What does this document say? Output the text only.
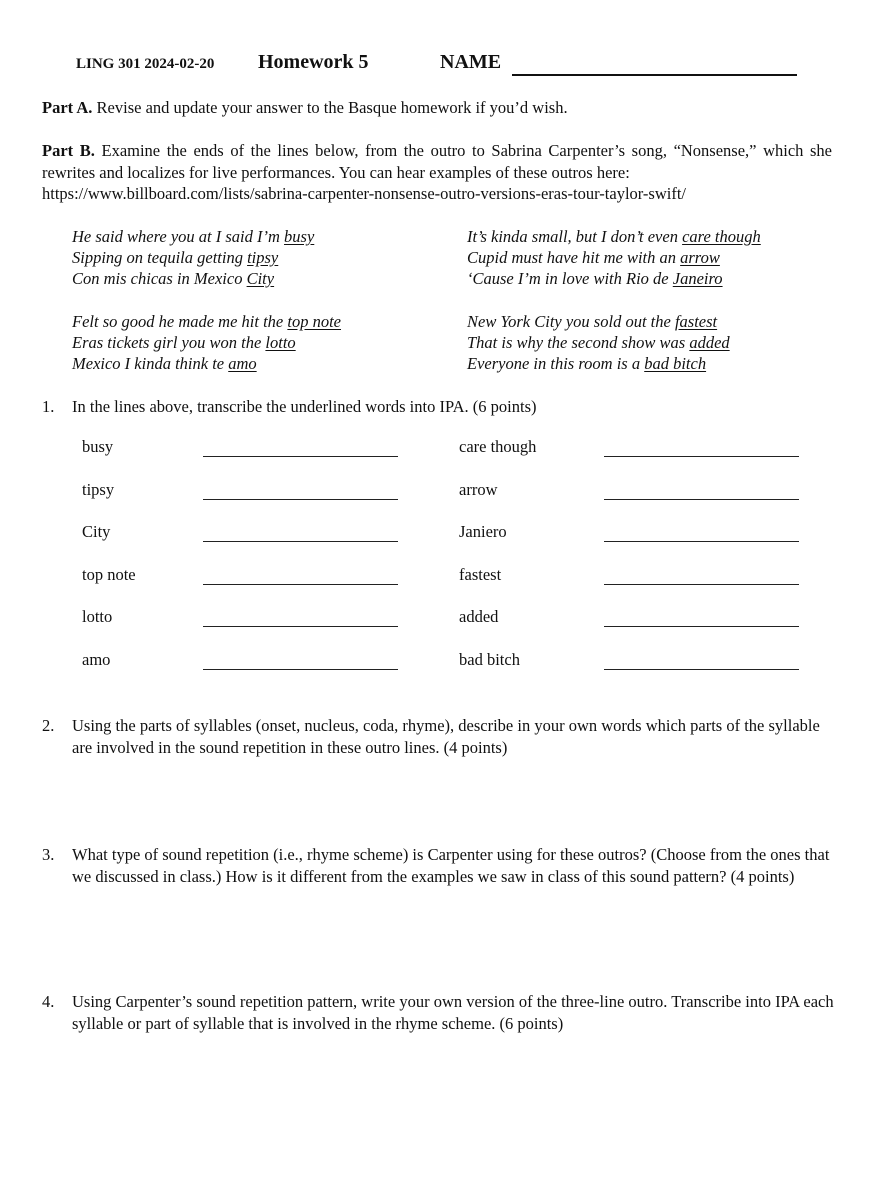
LING 301 2024-02-20 Homework 5	NAME
Part A. Revise and update your answer to the Basque homework if you’d wish.
Part B. Examine the ends of the lines below, from the outro to Sabrina Carpenter’s song, “Nonsense,” which she rewrites and localizes for live performances. You can hear examples of these outros here:
https://www.billboard.com/lists/sabrina-carpenter-nonsense-outro-versions-eras-tour-taylor-swift/
He said where you at I said I’m busy
Sipping on tequila getting tipsy
Con mis chicas in Mexico City
Felt so good he made me hit the top note
Eras tickets girl you won the lotto
Mexico I kinda think te amo
It’s kinda small, but I don’t even care though
Cupid must have hit me with an arrow
‘Cause I’m in love with Rio de Janeiro
New York City you sold out the fastest
That is why the second show was added
Everyone in this room is a bad bitch
1. In the lines above, transcribe the underlined words into IPA. (6 points)
busy
tipsy
City
top note
lotto
amo
care though
arrow
Janiero
fastest
added
bad bitch
2. Using the parts of syllables (onset, nucleus, coda, rhyme), describe in your own words which parts of the syllable are involved in the sound repetition in these outro lines. (4 points)
3. What type of sound repetition (i.e., rhyme scheme) is Carpenter using for these outros? (Choose from the ones that we discussed in class.) How is it different from the examples we saw in class of this sound pattern? (4 points)
4. Using Carpenter’s sound repetition pattern, write your own version of the three-line outro. Transcribe into IPA each syllable or part of syllable that is involved in the rhyme scheme. (6 points)
